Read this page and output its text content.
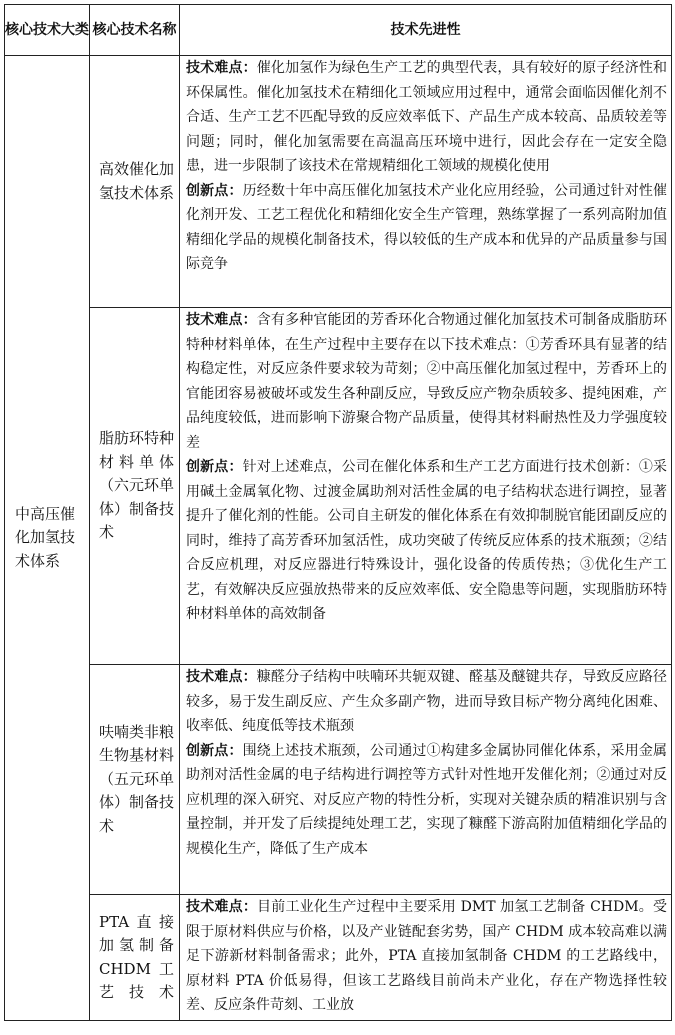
核心技术大类	核心技术名称	技术先进性
中高压催化加氢技术体系	高效催化加氢技术体系	技术难点：催化加氢作为绿色生产工艺的典型代表，具有较好的原子经济性和环保属性。催化加氢技术在精细化工领域应用过程中，通常会面临因催化剂不合适、生产工艺不匹配导致的反应效率低下、产品生产成本较高、品质较差等问题；同时，催化加氢需要在高温高压环境中进行，因此会存在一定安全隐患，进一步限制了该技术在常规精细化工领域的规模化使用

创新点：历经数十年中高压催化加氢技术产业化应用经验，公司通过针对性催化剂开发、工艺工程优化和精细化安全生产管理，熟练掌握了一系列高附加值精细化学品的规模化制备技术，得以较低的生产成本和优异的产品质量参与国际竞争

	脂肪环特种材料单体（六元环单体）制备技术	技术难点：含有多种官能团的芳香环化合物通过催化加氢技术可制备成脂肪环特种材料单体，在生产过程中主要存在以下技术难点：①芳香环具有显著的结构稳定性，对反应条件要求较为苛刻；②中高压催化加氢过程中，芳香环上的官能团容易被破坏或发生各种副反应，导致反应产物杂质较多、提纯困难，产品纯度较低，进而影响下游聚合物产品质量，使得其材料耐热性及力学强度较差

创新点：针对上述难点，公司在催化体系和生产工艺方面进行技术创新：①采用碱土金属氧化物、过渡金属助剂对活性金属的电子结构状态进行调控，显著提升了催化剂的性能。公司自主研发的催化体系在有效抑制脱官能团副反应的同时，维持了高芳香环加氢活性，成功突破了传统反应体系的技术瓶颈；②结合反应机理，对反应器进行特殊设计，强化设备的传质传热；③优化生产工艺，有效解决反应强放热带来的反应效率低、安全隐患等问题，实现脂肪环特种材料单体的高效制备

	呋喃类非粮生物基材料（五元环单体）制备技术	技术难点：糠醛分子结构中呋喃环共轭双键、醛基及醚键共存，导致反应路径较多，易于发生副反应、产生众多副产物，进而导致目标产物分离纯化困难、收率低、纯度低等技术瓶颈

创新点：围绕上述技术瓶颈，公司通过①构建多金属协同催化体系，采用金属助剂对活性金属的电子结构进行调控等方式针对性地开发催化剂；②通过对反应机理的深入研究、对反应产物的特性分析，实现对关键杂质的精准识别与含量控制，并开发了后续提纯处理工艺，实现了糠醛下游高附加值精细化学品的规模化生产，降低了生产成本

	PTA直接加氢制备CHDM工艺技术	技术难点：目前工业化生产过程中主要采用 DMT 加氢工艺制备 CHDM。受限于原材料供应与价格，以及产业链配套劣势，国产 CHDM 成本较高难以满足下游新材料制备需求；此外，PTA 直接加氢制备 CHDM 的工艺路线中，原材料 PTA 价低易得，但该工艺路线目前尚未产业化，存在产物选择性较差、反应条件苛刻、工业放
